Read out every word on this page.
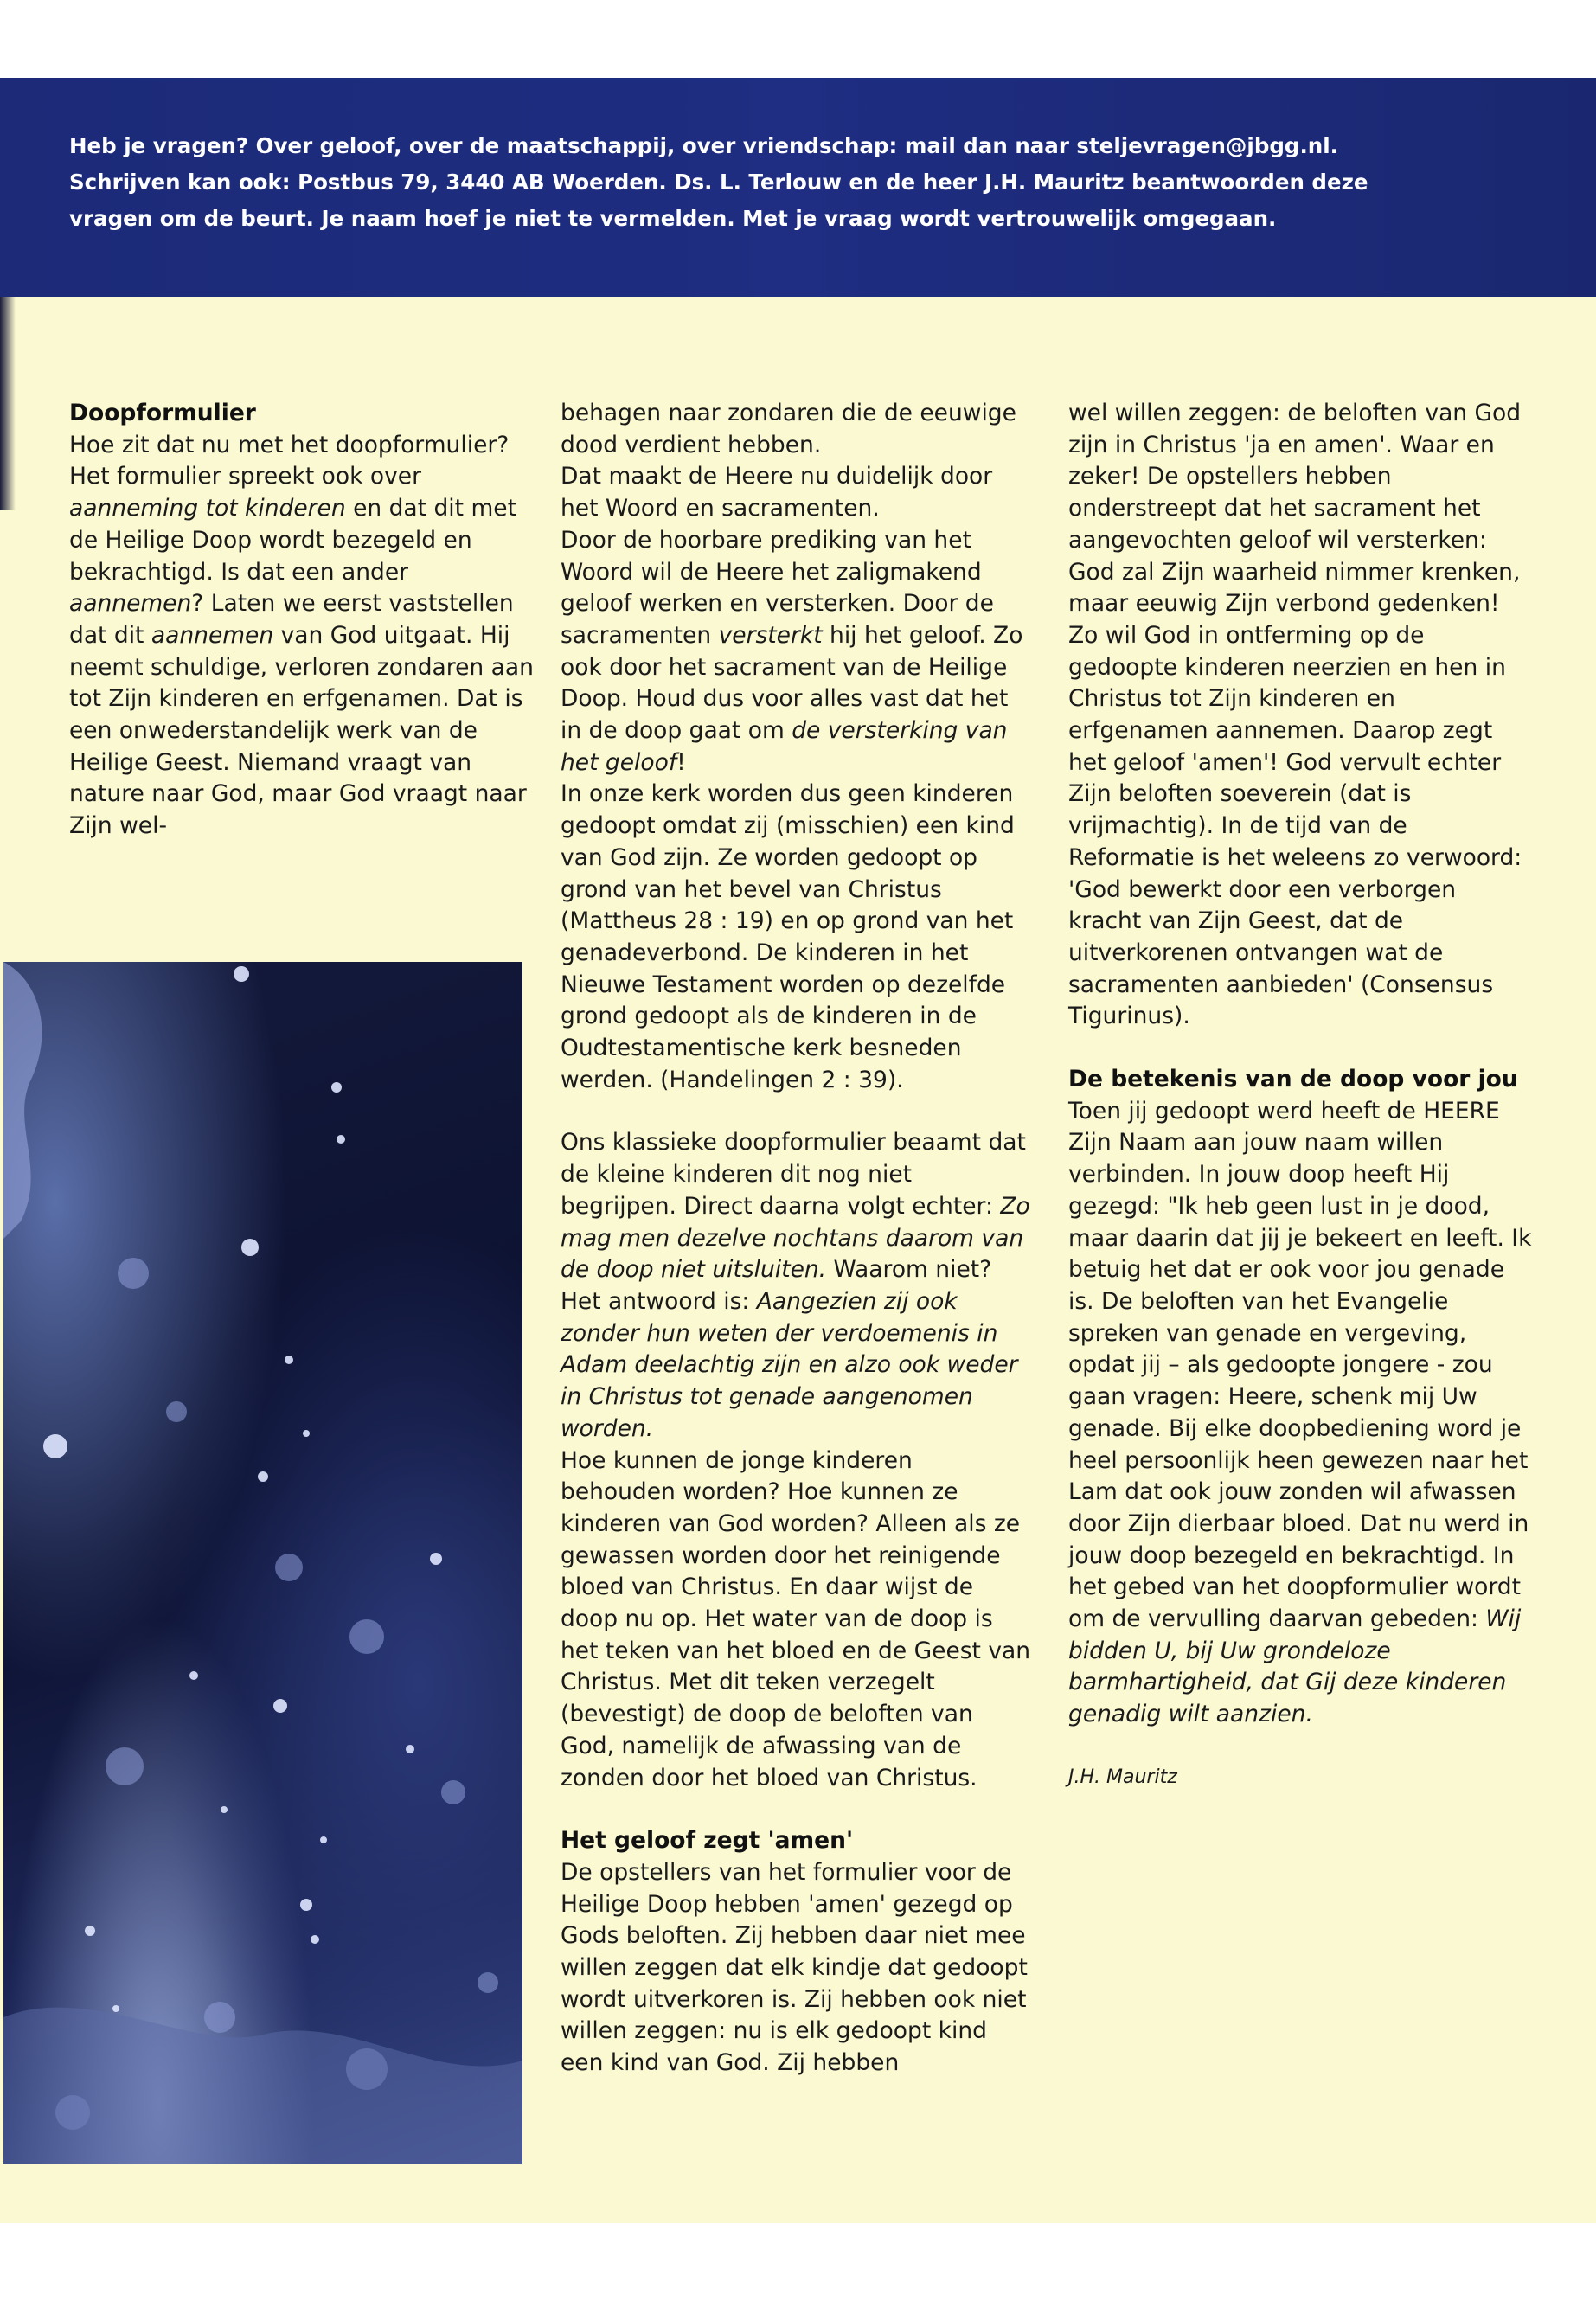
Heb je vragen? Over geloof, over de maatschappij, over vriendschap: mail dan naar steljevragen@jbgg.nl.

Schrijven kan ook: Postbus 79, 3440 AB Woerden. Ds. L. Terlouw en de heer J.H. Mauritz beantwoorden deze

vragen om de beurt. Je naam hoef je niet te vermelden. Met je vraag wordt vertrouwelijk omgegaan.

Doopformulier

Hoe zit dat nu met het doopformulier? Het formulier spreekt ook over aanneming tot kinderen en dat dit met de Heilige Doop wordt bezegeld en bekrachtigd. Is dat een ander aannemen? Laten we eerst vaststellen dat dit aannemen van God uitgaat. Hij neemt schuldige, verloren zondaren aan tot Zijn kinderen en erfgenamen. Dat is een onwederstandelijk werk van de Heilige Geest. Niemand vraagt van nature naar God, maar God vraagt naar Zijn wel-

behagen naar zondaren die de eeuwige dood verdient hebben.

Dat maakt de Heere nu duidelijk door het Woord en sacramenten.

Door de hoorbare prediking van het Woord wil de Heere het zaligmakend geloof werken en versterken. Door de sacramenten versterkt hij het geloof. Zo ook door het sacrament van de Heilige Doop. Houd dus voor alles vast dat het in de doop gaat om de versterking van het geloof!

In onze kerk worden dus geen kinderen gedoopt omdat zij (misschien) een kind van God zijn. Ze worden gedoopt op grond van het bevel van Christus (Mattheus 28 : 19) en op grond van het genadeverbond. De kinderen in het Nieuwe Testament worden op dezelfde grond gedoopt als de kinderen in de Oudtestamentische kerk besneden werden. (Handelingen 2 : 39).

Ons klassieke doopformulier beaamt dat de kleine kinderen dit nog niet begrijpen. Direct daarna volgt echter: Zo mag men dezelve nochtans daarom van de doop niet uitsluiten. Waarom niet? Het antwoord is: Aangezien zij ook zonder hun weten der verdoemenis in Adam deelachtig zijn en alzo ook weder in Christus tot genade aangenomen worden.

Hoe kunnen de jonge kinderen behouden worden? Hoe kunnen ze kinderen van God worden? Alleen als ze gewassen worden door het reinigende bloed van Christus. En daar wijst de doop nu op. Het water van de doop is het teken van het bloed en de Geest van Christus. Met dit teken verzegelt (bevestigt) de doop de beloften van God, namelijk de afwassing van de zonden door het bloed van Christus.

Het geloof zegt 'amen'

De opstellers van het formulier voor de Heilige Doop hebben 'amen' gezegd op Gods beloften. Zij hebben daar niet mee willen zeggen dat elk kindje dat gedoopt wordt uitverkoren is. Zij hebben ook niet willen zeggen: nu is elk gedoopt kind een kind van God. Zij hebben

wel willen zeggen: de beloften van God zijn in Christus 'ja en amen'. Waar en zeker! De opstellers hebben onderstreept dat het sacrament het aangevochten geloof wil versterken: God zal Zijn waarheid nimmer krenken, maar eeuwig Zijn verbond gedenken! Zo wil God in ontferming op de gedoopte kinderen neerzien en hen in Christus tot Zijn kinderen en erfgenamen aannemen. Daarop zegt het geloof 'amen'! God vervult echter Zijn beloften soeverein (dat is vrijmachtig). In de tijd van de Reformatie is het weleens zo verwoord: 'God bewerkt door een verborgen kracht van Zijn Geest, dat de uitverkorenen ontvangen wat de sacramenten aanbieden' (Consensus Tigurinus).

De betekenis van de doop voor jou

Toen jij gedoopt werd heeft de HEERE Zijn Naam aan jouw naam willen verbinden. In jouw doop heeft Hij gezegd: "Ik heb geen lust in je dood, maar daarin dat jij je bekeert en leeft. Ik betuig het dat er ook voor jou genade is. De beloften van het Evangelie spreken van genade en vergeving, opdat jij – als gedoopte jongere - zou gaan vragen: Heere, schenk mij Uw genade. Bij elke doopbediening word je heel persoonlijk heen gewezen naar het Lam dat ook jouw zonden wil afwassen door Zijn dierbaar bloed. Dat nu werd in jouw doop bezegeld en bekrachtigd. In het gebed van het doopformulier wordt om de vervulling daarvan gebeden: Wij bidden U, bij Uw grondeloze barmhartigheid, dat Gij deze kinderen genadig wilt aanzien.

J.H. Mauritz
